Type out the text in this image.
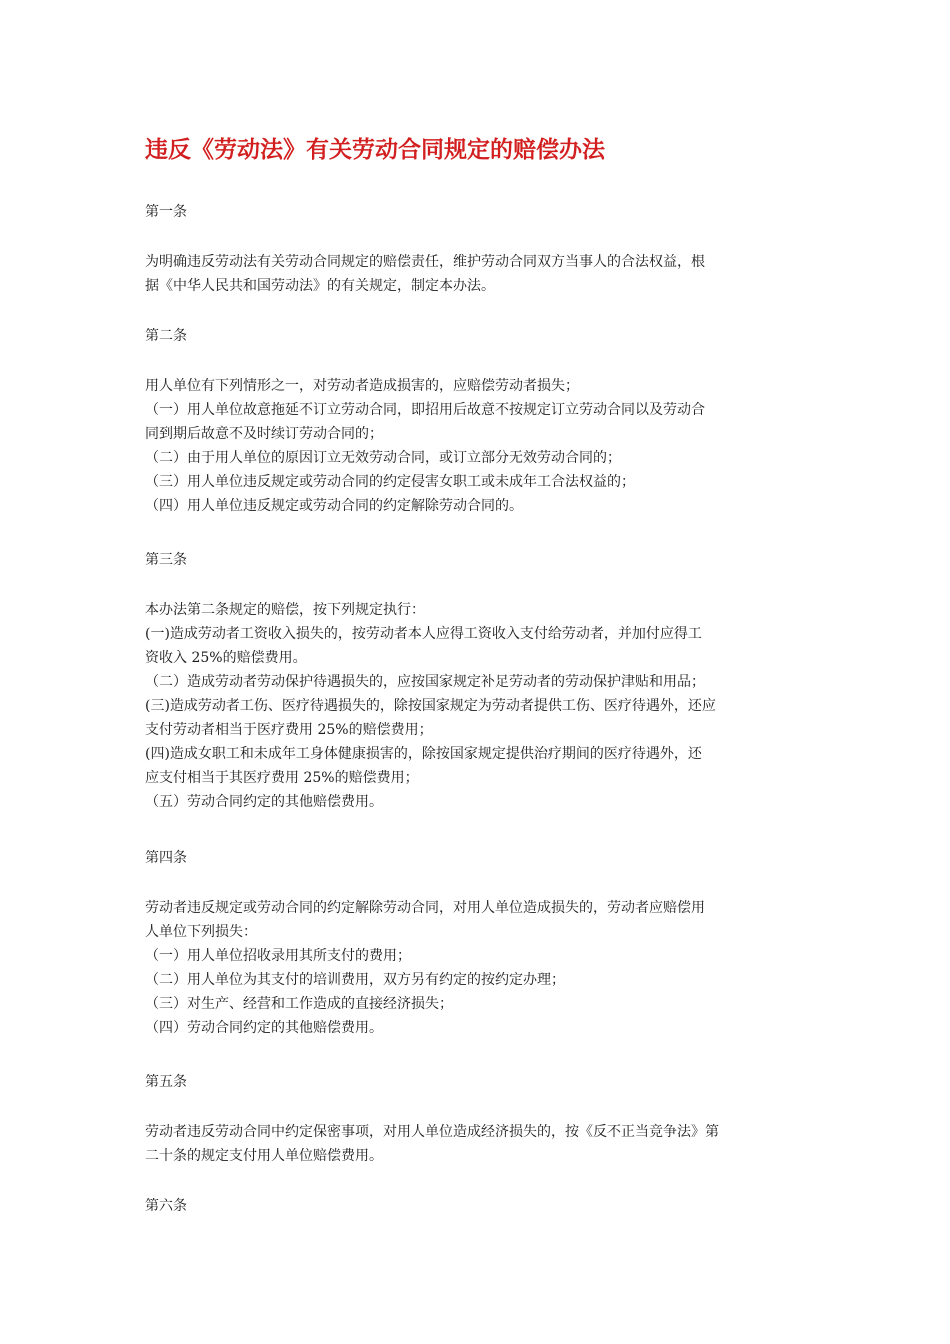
违反《劳动法》有关劳动合同规定的赔偿办法
第一条
为明确违反劳动法有关劳动合同规定的赔偿责任，维护劳动合同双方当事人的合法权益，根
据《中华人民共和国劳动法》的有关规定，制定本办法。
第二条
用人单位有下列情形之一，对劳动者造成损害的，应赔偿劳动者损失；
（一）用人单位故意拖延不订立劳动合同，即招用后故意不按规定订立劳动合同以及劳动合
同到期后故意不及时续订劳动合同的；
（二）由于用人单位的原因订立无效劳动合同，或订立部分无效劳动合同的；
（三）用人单位违反规定或劳动合同的约定侵害女职工或未成年工合法权益的；
（四）用人单位违反规定或劳动合同的约定解除劳动合同的。
第三条
本办法第二条规定的赔偿，按下列规定执行：
(一)造成劳动者工资收入损失的，按劳动者本人应得工资收入支付给劳动者，并加付应得工
资收入 25%的赔偿费用。
（二）造成劳动者劳动保护待遇损失的，应按国家规定补足劳动者的劳动保护津贴和用品；
(三)造成劳动者工伤、医疗待遇损失的，除按国家规定为劳动者提供工伤、医疗待遇外，还应
支付劳动者相当于医疗费用 25%的赔偿费用；
(四)造成女职工和未成年工身体健康损害的，除按国家规定提供治疗期间的医疗待遇外，还
应支付相当于其医疗费用 25%的赔偿费用；
（五）劳动合同约定的其他赔偿费用。
第四条
劳动者违反规定或劳动合同的约定解除劳动合同，对用人单位造成损失的，劳动者应赔偿用
人单位下列损失：
（一）用人单位招收录用其所支付的费用；
（二）用人单位为其支付的培训费用，双方另有约定的按约定办理；
（三）对生产、经营和工作造成的直接经济损失；
（四）劳动合同约定的其他赔偿费用。
第五条
劳动者违反劳动合同中约定保密事项，对用人单位造成经济损失的，按《反不正当竞争法》第
二十条的规定支付用人单位赔偿费用。
第六条
